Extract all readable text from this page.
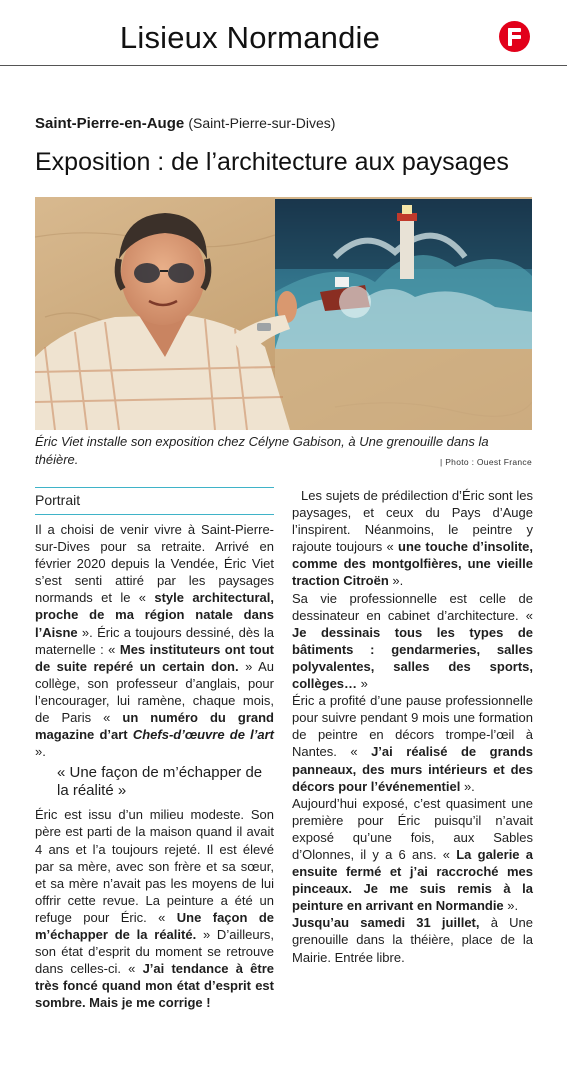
Lisieux Normandie
Saint-Pierre-en-Auge (Saint-Pierre-sur-Dives)
Exposition : de l’architecture aux paysages

Éric Viet installe son exposition chez Célyne Gabison, à Une grenouille dans la théière.	| Photo : Ouest France
Portrait

Il a choisi de venir vivre à Saint-Pierre-sur-Dives pour sa retraite. Arrivé en février 2020 depuis la Vendée, Éric Viet s’est senti attiré par les paysages normands et le « style architectural, proche de ma région natale dans l’Aisne ». Éric a toujours dessiné, dès la maternelle : « Mes instituteurs ont tout de suite repéré un certain don. » Au collège, son professeur d’anglais, pour l’encourager, lui ramène, chaque mois, de Paris « un numéro du grand magazine d’art Chefs-d’œuvre de l’art ».

« Une façon de m’échapper de la réalité »

Éric est issu d’un milieu modeste. Son père est parti de la maison quand il avait 4 ans et l’a toujours rejeté. Il est élevé par sa mère, avec son frère et sa sœur, et sa mère n’avait pas les moyens de lui offrir cette revue. La peinture a été un refuge pour Éric. « Une façon de m’échapper de la réalité. » D’ailleurs, son état d’esprit du moment se retrouve dans celles-ci. « J’ai tendance à être très foncé quand mon état d’esprit est sombre. Mais je me corrige !

Les sujets de prédilection d’Éric sont les paysages, et ceux du Pays d’Auge l’inspirent. Néanmoins, le peintre y rajoute toujours « une touche d’insolite, comme des montgolfières, une vieille traction Citroën ».

Sa vie professionnelle est celle de dessinateur en cabinet d’architecture. « Je dessinais tous les types de bâtiments : gendarmeries, salles polyvalentes, salles des sports, collèges… »

Éric a profité d’une pause professionnelle pour suivre pendant 9 mois une formation de peintre en décors trompe-l’œil à Nantes. « J’ai réalisé de grands panneaux, des murs intérieurs et des décors pour l’événementiel ».

Aujourd’hui exposé, c’est quasiment une première pour Éric puisqu’il n’avait exposé qu’une fois, aux Sables d’Olonnes, il y a 6 ans. « La galerie a ensuite fermé et j’ai raccroché mes pinceaux. Je me suis remis à la peinture en arrivant en Normandie ».

Jusqu’au samedi 31 juillet, à Une grenouille dans la théière, place de la Mairie. Entrée libre.
